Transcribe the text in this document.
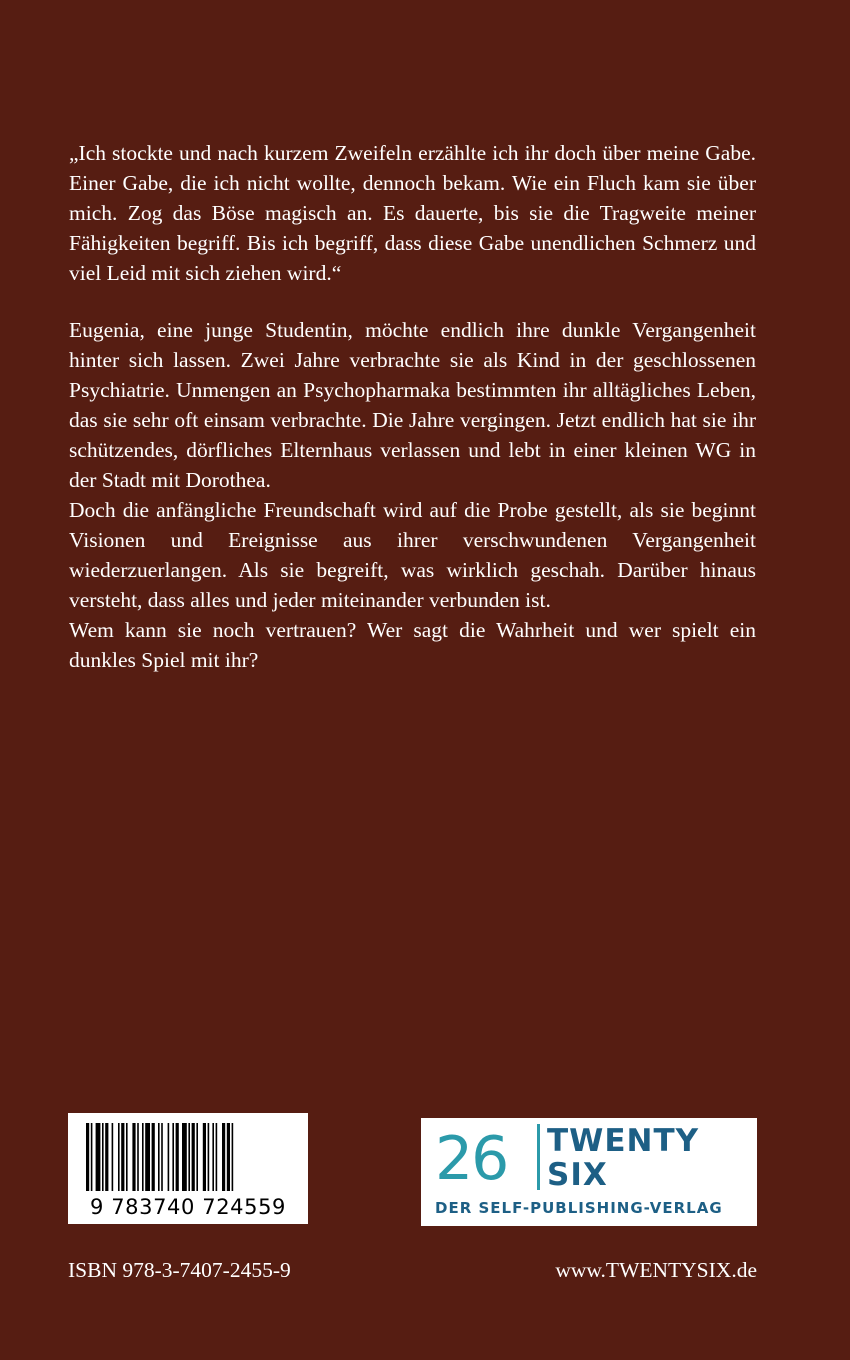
„Ich stockte und nach kurzem Zweifeln erzählte ich ihr doch über meine Gabe. Einer Gabe, die ich nicht wollte, dennoch bekam. Wie ein Fluch kam sie über mich. Zog das Böse magisch an. Es dauerte, bis sie die Tragweite meiner Fähigkeiten begriff. Bis ich begriff, dass diese Gabe unendlichen Schmerz und viel Leid mit sich ziehen wird.“

Eugenia, eine junge Studentin, möchte endlich ihre dunkle Vergangenheit hinter sich lassen. Zwei Jahre verbrachte sie als Kind in der geschlossenen Psychiatrie. Unmengen an Psychopharmaka bestimmten ihr alltägliches Leben, das sie sehr oft einsam verbrachte. Die Jahre vergingen. Jetzt endlich hat sie ihr schützendes, dörfliches Elternhaus verlassen und lebt in einer kleinen WG in der Stadt mit Dorothea.

Doch die anfängliche Freundschaft wird auf die Probe gestellt, als sie beginnt Visionen und Ereignisse aus ihrer verschwundenen Vergangenheit wiederzuerlangen. Als sie begreift, was wirklich geschah. Darüber hinaus versteht, dass alles und jeder miteinander verbunden ist.

Wem kann sie noch vertrauen? Wer sagt die Wahrheit und wer spielt ein dunkles Spiel mit ihr?

9 783740 724559
26 TWENTY
SIX
DER SELF-PUBLISHING-VERLAG
ISBN 978-3-7407-2455-9	www.TWENTYSIX.de
